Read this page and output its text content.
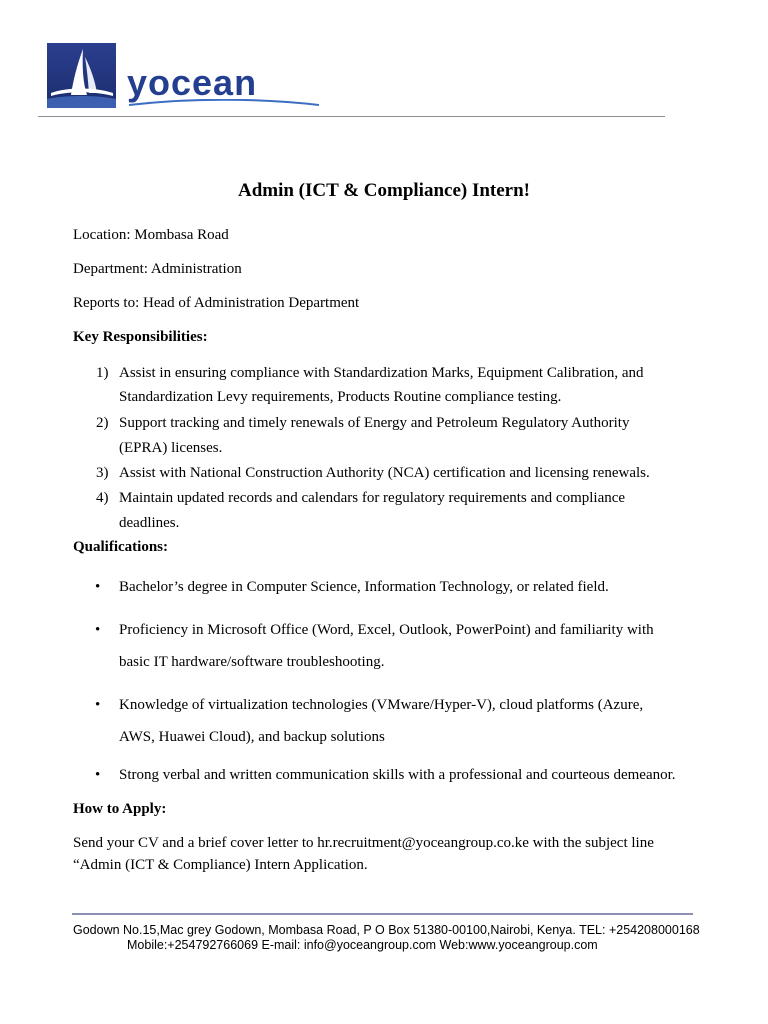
yocean
Admin (ICT & Compliance) Intern!
Location: Mombasa Road
Department: Administration
Reports to: Head of Administration Department
Key Responsibilities:
1) Assist in ensuring compliance with Standardization Marks, Equipment Calibration, and
Standardization Levy requirements, Products Routine compliance testing.
2) Support tracking and timely renewals of Energy and Petroleum Regulatory Authority
(EPRA) licenses.
3) Assist with National Construction Authority (NCA) certification and licensing renewals.
4) Maintain updated records and calendars for regulatory requirements and compliance
deadlines.
Qualifications:
• Bachelor’s degree in Computer Science, Information Technology, or related field.
• Proficiency in Microsoft Office (Word, Excel, Outlook, PowerPoint) and familiarity with
basic IT hardware/software troubleshooting.
• Knowledge of virtualization technologies (VMware/Hyper-V), cloud platforms (Azure,
AWS, Huawei Cloud), and backup solutions
• Strong verbal and written communication skills with a professional and courteous demeanor.
How to Apply:
Send your CV and a brief cover letter to hr.recruitment@yoceangroup.co.ke with the subject line
“Admin (ICT & Compliance) Intern Application.
Godown No.15,Mac grey Godown, Mombasa Road, P O Box 51380-00100,Nairobi, Kenya. TEL: +254208000168
Mobile:+254792766069 E-mail: info@yoceangroup.com Web:www.yoceangroup.com
